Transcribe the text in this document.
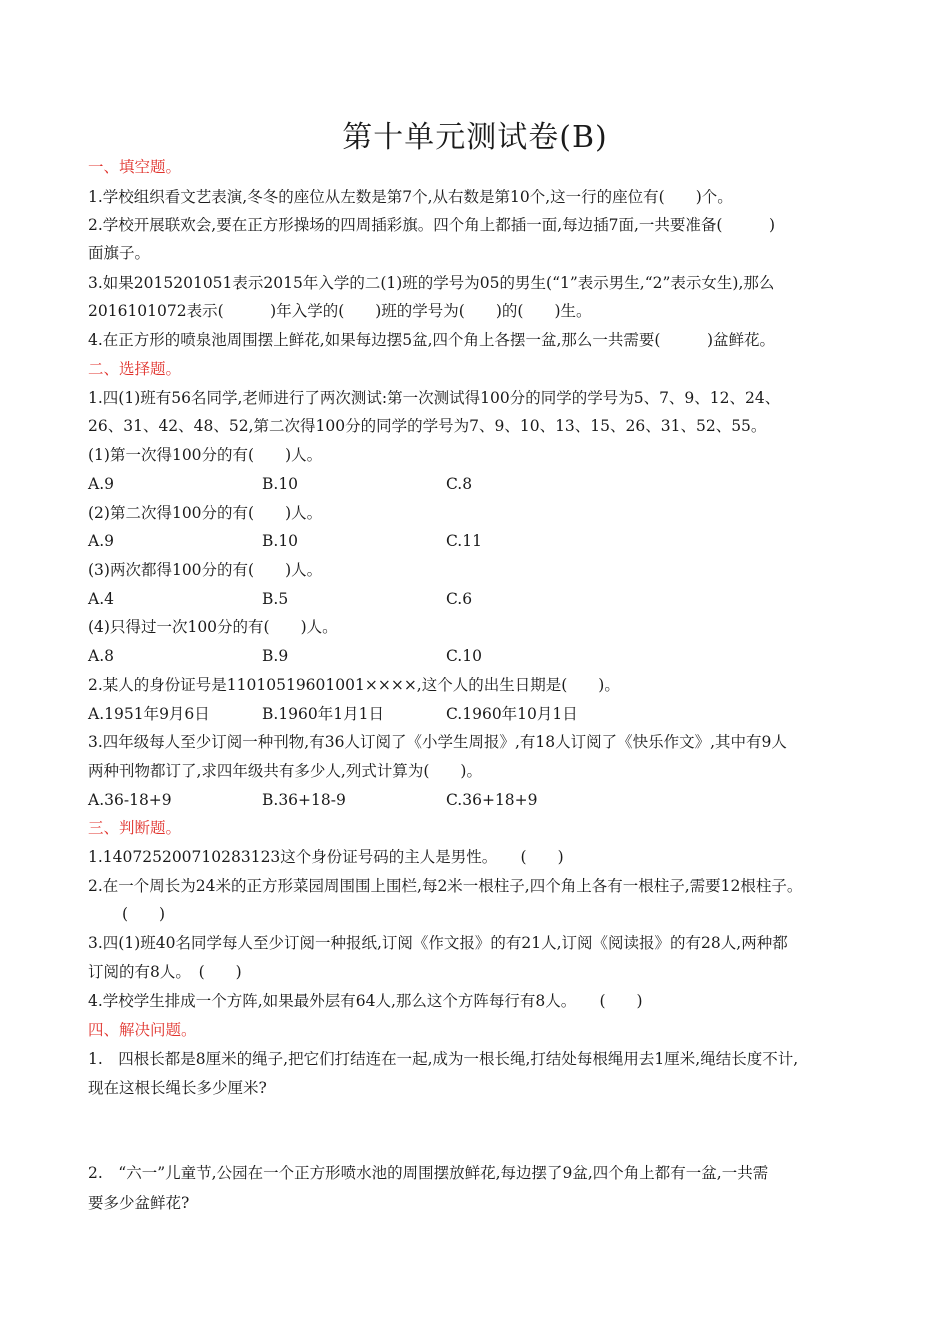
第十单元测试卷(B)
一、填空题。
1.学校组织看文艺表演,冬冬的座位从左数是第7个,从右数是第10个,这一行的座位有(　　)个。
2.学校开展联欢会,要在正方形操场的四周插彩旗。四个角上都插一面,每边插7面,一共要准备(　　　)
面旗子。
3.如果2015201051表示2015年入学的二(1)班的学号为05的男生(“1”表示男生,“2”表示女生),那么
2016101072表示(　　　)年入学的(　　)班的学号为(　　)的(　　)生。
4.在正方形的喷泉池周围摆上鲜花,如果每边摆5盆,四个角上各摆一盆,那么一共需要(　　　)盆鲜花。
二、选择题。
1.四(1)班有56名同学,老师进行了两次测试:第一次测试得100分的同学的学号为5、7、9、12、24、
26、31、42、48、52,第二次得100分的同学的学号为7、9、10、13、15、26、31、52、55。
(1)第一次得100分的有(　　)人。
A.9	B.10	C.8
(2)第二次得100分的有(　　)人。
A.9	B.10	C.11
(3)两次都得100分的有(　　)人。
A.4	B.5	C.6
(4)只得过一次100分的有(　　)人。
A.8	B.9	C.10
2.某人的身份证号是11010519601001××××,这个人的出生日期是(　　)。
A.1951年9月6日	B.1960年1月1日	C.1960年10月1日
3.四年级每人至少订阅一种刊物,有36人订阅了《小学生周报》,有18人订阅了《快乐作文》,其中有9人
两种刊物都订了,求四年级共有多少人,列式计算为(　　)。
A.36-18+9	B.36+18-9	C.36+18+9
三、判断题。
1.140725200710283123这个身份证号码的主人是男性。　　(　　)
2.在一个周长为24米的正方形菜园周围围上围栏,每2米一根柱子,四个角上各有一根柱子,需要12根柱子。
(　　)
3.四(1)班40名同学每人至少订阅一种报纸,订阅《作文报》的有21人,订阅《阅读报》的有28人,两种都
订阅的有8人。　(　　)
4.学校学生排成一个方阵,如果最外层有64人,那么这个方阵每行有8人。　　(　　)
四、解决问题。
1.　四根长都是8厘米的绳子,把它们打结连在一起,成为一根长绳,打结处每根绳用去1厘米,绳结长度不计,
现在这根长绳长多少厘米?
2.　“六一”儿童节,公园在一个正方形喷水池的周围摆放鲜花,每边摆了9盆,四个角上都有一盆,一共需
要多少盆鲜花?
